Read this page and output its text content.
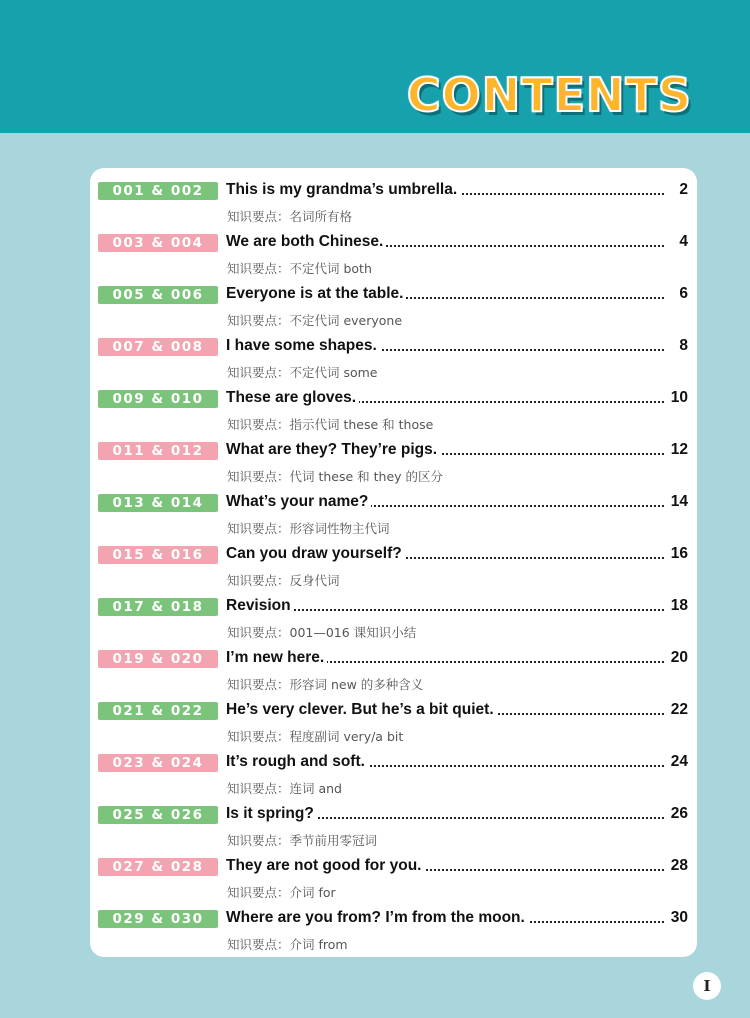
CONTENTS
001 & 002	This is my grandma’s umbrella.	2
知识要点：名词所有格
003 & 004	We are both Chinese.	4
知识要点：不定代词 both
005 & 006	Everyone is at the table.	6
知识要点：不定代词 everyone
007 & 008	I have some shapes.	8
知识要点：不定代词 some
009 & 010	These are gloves.	10
知识要点：指示代词 these 和 those
011 & 012	What are they? They’re pigs.	12
知识要点：代词 these 和 they 的区分
013 & 014	What’s your name?	14
知识要点：形容词性物主代词
015 & 016	Can you draw yourself?	16
知识要点：反身代词
017 & 018	Revision	18
知识要点：001—016 课知识小结
019 & 020	I’m new here.	20
知识要点：形容词 new 的多种含义
021 & 022	He’s very clever. But he’s a bit quiet.	22
知识要点：程度副词 very/a bit
023 & 024	It’s rough and soft.	24
知识要点：连词 and
025 & 026	Is it spring?	26
知识要点：季节前用零冠词
027 & 028	They are not good for you.	28
知识要点：介词 for
029 & 030	Where are you from? I’m from the moon.	30
知识要点：介词 from
I
